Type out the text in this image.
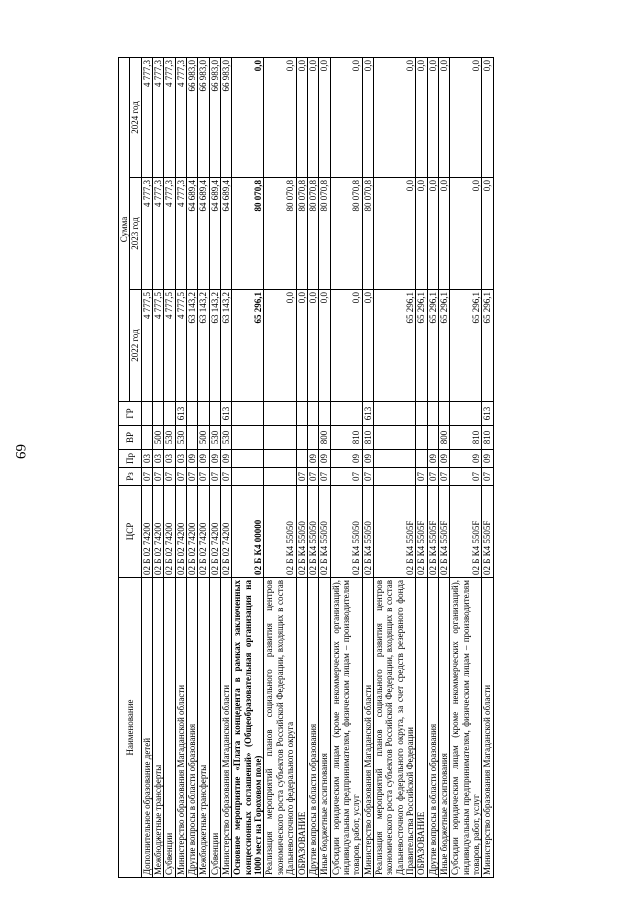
69
Наименование	ЦСР	Рз	Пр	ВР	ГР	Сумма		
						2022 год	2023 год	2024 год
Дополнительное образование детей	02 Б 02 74200	07	03			4 777,5	4 777,3	4 777,3
Межбюджетные трансферты	02 Б 02 74200	07	03	500		4 777,5	4 777,3	4 777,3
Субвенции	02 Б 02 74200	07	03	530		4 777,5	4 777,3	4 777,3
Министерство образования Магаданской области	02 Б 02 74200	07	03	530	613	4 777,5	4 777,3	4 777,3
Другие вопросы в области образования	02 Б 02 74200	07	09			63 143,2	64 689,4	66 983,0
Межбюджетные трансферты	02 Б 02 74200	07	09	500		63 143,2	64 689,4	66 983,0
Субвенции	02 Б 02 74200	07	09	530		63 143,2	64 689,4	66 983,0
Министерство образования Магаданской области	02 Б 02 74200	07	09	530	613	63 143,2	64 689,4	66 983,0
Основное мероприятие «Плата концедента в рамках заключенных концессионных соглашений» (Общеобразовательная организация на 1000 мест на Гороховом поле)	02 Б К4 00000					65 296,1	80 070,8	0,0
Реализация мероприятий планов социального развития центров экономического роста субъектов Российской Федерации, входящих в состав Дальневосточного федерального округа	02 Б К4 55050					0,0	80 070,8	0,0
ОБРАЗОВАНИЕ	02 Б К4 55050	07				0,0	80 070,8	0,0
Другие вопросы в области образования	02 Б К4 55050	07	09			0,0	80 070,8	0,0
Иные бюджетные ассигнования	02 Б К4 55050	07	09	800		0,0	80 070,8	0,0
Субсидии юридическим лицам (кроме некоммерческих организаций), индивидуальным предпринимателям, физическим лицам – производителям товаров, работ, услуг	02 Б К4 55050	07	09	810		0,0	80 070,8	0,0
Министерство образования Магаданской области	02 Б К4 55050	07	09	810	613	0,0	80 070,8	0,0
Реализация мероприятий планов социального развития центров экономического роста субъектов Российской Федерации, входящих в состав Дальневосточного федерального округа, за счет средств резервного фонда Правительства Российской Федерации	02 Б К4 5505F					65 296,1	0,0	0,0
ОБРАЗОВАНИЕ	02 Б К4 5505F	07				65 296,1	0,0	0,0
Другие вопросы в области образования	02 Б К4 5505F	07	09			65 296,1	0,0	0,0
Иные бюджетные ассигнования	02 Б К4 5505F	07	09	800		65 296,1	0,0	0,0
Субсидии юридическим лицам (кроме некоммерческих организаций), индивидуальным предпринимателям, физическим лицам – производителям товаров, работ, услуг	02 Б К4 5505F	07	09	810		65 296,1	0,0	0,0
Министерство образования Магаданской области	02 Б К4 5505F	07	09	810	613	65 296,1	0,0	0,0
